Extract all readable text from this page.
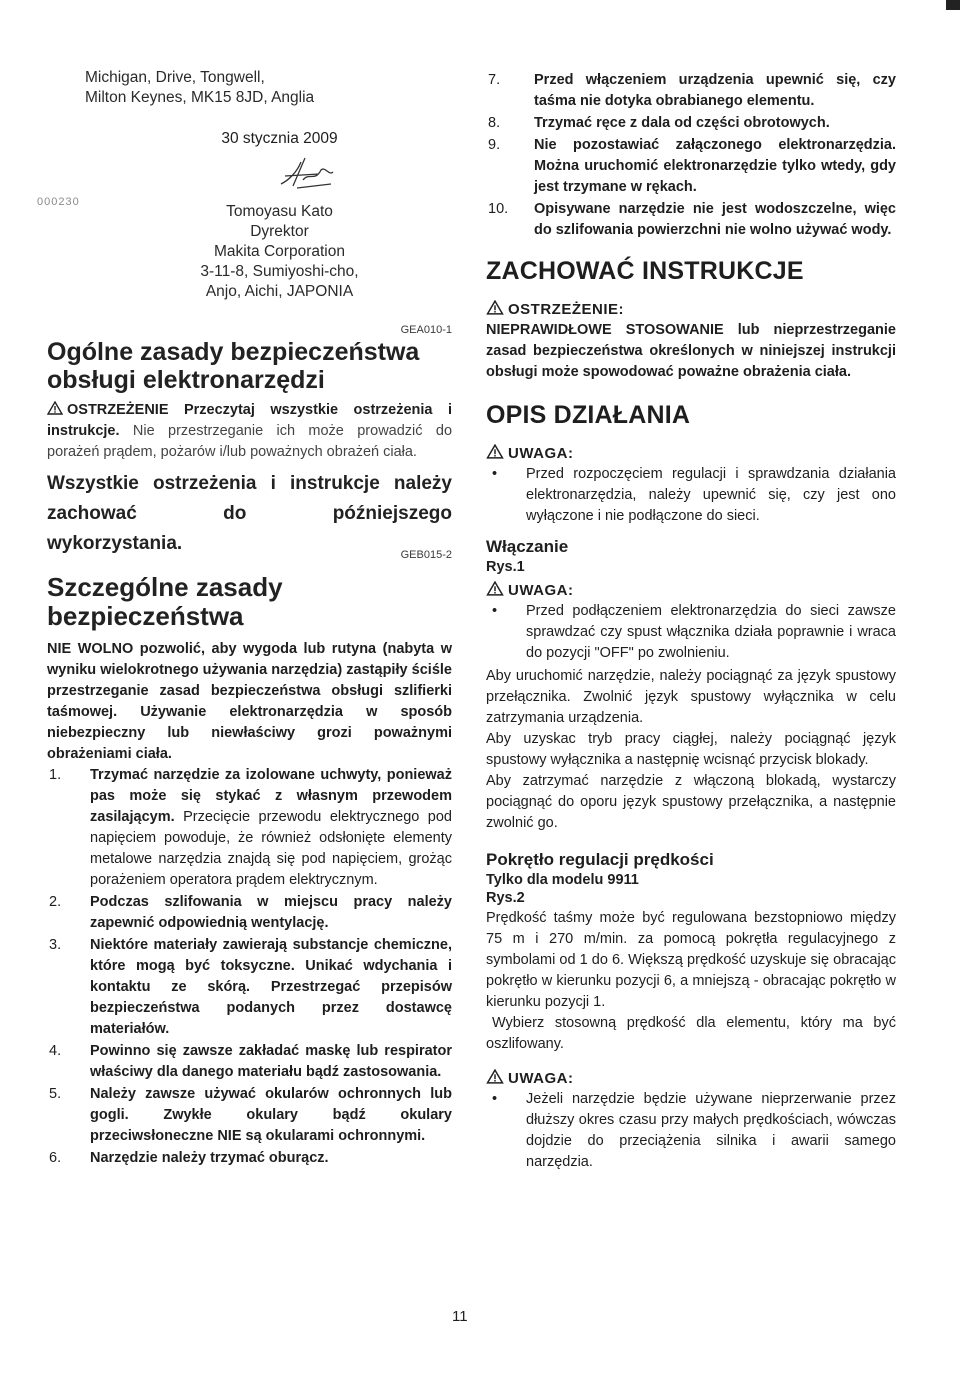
Michigan, Drive, Tongwell,
Milton Keynes, MK15 8JD, Anglia
30 stycznia 2009
000230
Tomoyasu Kato
Dyrektor
Makita Corporation
3-11-8, Sumiyoshi-cho,
Anjo, Aichi, JAPONIA
GEA010-1
Ogólne zasady bezpieczeństwa
obsługi elektronarzędzi
OSTRZEŻENIE Przeczytaj wszystkie ostrzeżenia i instrukcje. Nie przestrzeganie ich może prowadzić do porażeń prądem, pożarów i/lub poważnych obrażeń ciała.
Wszystkie ostrzeżenia i instrukcje należy zachować do późniejszego
wykorzystania.
GEB015-2
Szczególne zasady
bezpieczeństwa

NIE WOLNO pozwolić, aby wygoda lub rutyna (nabyta w wyniku wielokrotnego używania narzędzia) zastąpiły ściśle przestrzeganie zasad bezpieczeństwa obsługi szlifierki taśmowej. Używanie elektronarzędzia w sposób niebezpieczny lub niewłaściwy grozi poważnymi obrażeniami ciała.

1. Trzymać narzędzie za izolowane uchwyty, ponieważ pas może się stykać z własnym przewodem zasilającym. Przecięcie przewodu elektrycznego pod napięciem powoduje, że również odsłonięte elementy metalowe narzędzia znajdą się pod napięciem, grożąc porażeniem operatora prądem elektrycznym.
2. Podczas szlifowania w miejscu pracy należy zapewnić odpowiednią wentylację.
3. Niektóre materiały zawierają substancje chemiczne, które mogą być toksyczne. Unikać wdychania i kontaktu ze skórą. Przestrzegać przepisów bezpieczeństwa podanych przez dostawcę materiałów.
4. Powinno się zawsze zakładać maskę lub respirator właściwy dla danego materiału bądź zastosowania.
5. Należy zawsze używać okularów ochronnych lub gogli. Zwykłe okulary bądź okulary przeciwsłoneczne NIE są okularami ochronnymi.
6. Narzędzie należy trzymać oburącz.
7. Przed włączeniem urządzenia upewnić się, czy taśma nie dotyka obrabianego elementu.
8. Trzymać ręce z dala od części obrotowych.
9. Nie pozostawiać załączonego elektronarzędzia. Można uruchomić elektronarzędzie tylko wtedy, gdy jest trzymane w rękach.
10. Opisywane narzędzie nie jest wodoszczelne, więc do szlifowania powierzchni nie wolno używać wody.
ZACHOWAĆ INSTRUKCJE
OSTRZEŻENIE:

NIEPRAWIDŁOWE STOSOWANIE lub nieprzestrzeganie zasad bezpieczeństwa określonych w niniejszej instrukcji obsługi może spowodować poważne obrażenia ciała.

OPIS DZIAŁANIA
UWAGA:
• Przed rozpoczęciem regulacji i sprawdzania działania elektronarzędzia, należy upewnić się, czy jest ono wyłączone i nie podłączone do sieci.
Włączanie
Rys.1
UWAGA:
• Przed podłączeniem elektronarzędzia do sieci zawsze sprawdzać czy spust włącznika działa poprawnie i wraca do pozycji "OFF" po zwolnieniu.

Aby uruchomić narzędzie, należy pociągnąć za język spustowy przełącznika. Zwolnić język spustowy wyłącznika w celu zatrzymania urządzenia.

Aby uzyskac tryb pracy ciągłej, należy pociągnąć język spustowy wyłącznika a następnię wcisnąć przycisk blokady.

Aby zatrzymać narzędzie z włączoną blokadą, wystarczy pociągnąć do oporu język spustowy przełącznika, a następnie zwolnić go.

Pokrętło regulacji prędkości
Tylko dla modelu 9911
Rys.2

Prędkość taśmy może być regulowana bezstopniowo między 75 m i 270 m/min. za pomocą pokrętła regulacyjnego z symbolami od 1 do 6. Większą prędkość uzyskuje się obracając pokrętło w kierunku pozycji 6, a mniejszą - obracając pokrętło w kierunku pozycji 1.

Wybierz stosowną prędkość dla elementu, który ma być oszlifowany.

UWAGA:
• Jeżeli narzędzie będzie używane nieprzerwanie przez dłuższy okres czasu przy małych prędkościach, wówczas dojdzie do przeciążenia silnika i awarii samego narzędzia.
11
